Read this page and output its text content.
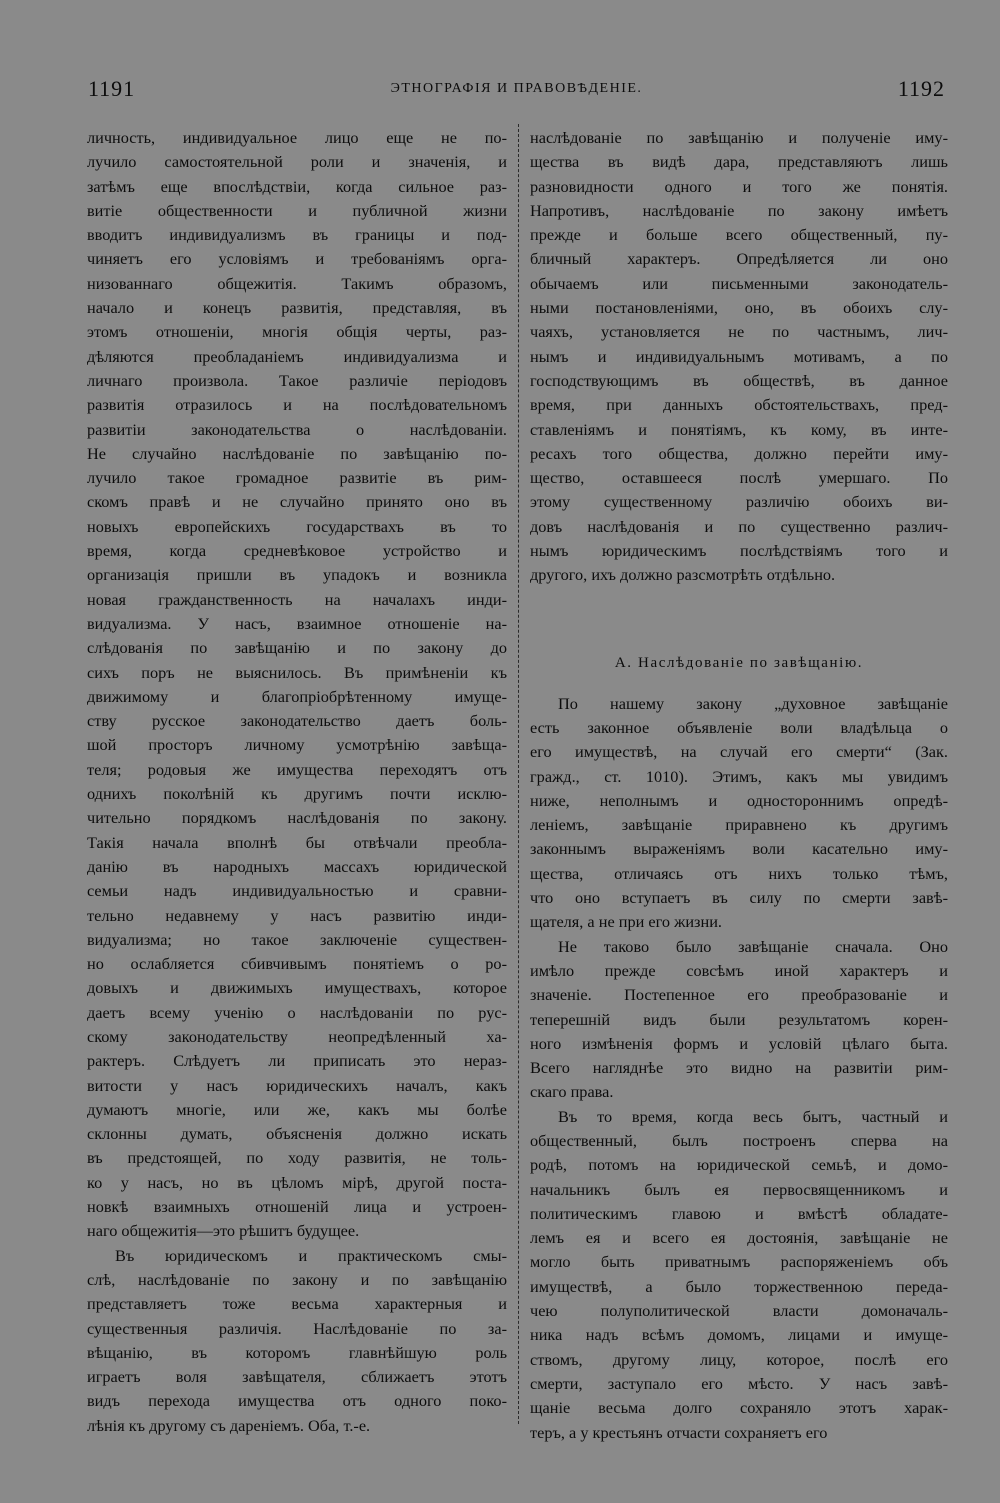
1191	ЭТНОГРАФІЯ И ПРАВОВѢДЕНІЕ.	1192
личность, индивидуальное лицо еще не по-
лучило самостоятельной роли и значенія, и
затѣмъ еще впослѣдствіи, когда сильное раз-
витіе общественности и публичной жизни
вводитъ индивидуализмъ въ границы и под-
чиняетъ его условіямъ и требованіямъ орга-
низованнаго общежитія. Такимъ образомъ,
начало и конецъ развитія, представляя, въ
этомъ отношеніи, многія общія черты, раз-
дѣляются преобладаніемъ индивидуализма и
личнаго произвола. Такое различіе періодовъ
развитія отразилось и на послѣдовательномъ
развитіи законодательства о наслѣдованіи.
Не случайно наслѣдованіе по завѣщанію по-
лучило такое громадное развитіе въ рим-
скомъ правѣ и не случайно принято оно въ
новыхъ европейскихъ государствахъ въ то
время, когда средневѣковое устройство и
организація пришли въ упадокъ и возникла
новая гражданственность на началахъ инди-
видуализма. У насъ, взаимное отношеніе на-
слѣдованія по завѣщанію и по закону до
сихъ поръ не выяснилось. Въ примѣненіи къ
движимому и благопріобрѣтенному имуще-
ству русское законодательство даетъ боль-
шой просторъ личному усмотрѣнію завѣща-
теля; родовыя же имущества переходятъ отъ
однихъ поколѣній къ другимъ почти исклю-
чительно порядкомъ наслѣдованія по закону.
Такія начала вполнѣ бы отвѣчали преобла-
данію въ народныхъ массахъ юридической
семьи надъ индивидуальностью и сравни-
тельно недавнему у насъ развитію инди-
видуализма; но такое заключеніе существен-
но ослабляется сбивчивымъ понятіемъ о ро-
довыхъ и движимыхъ имуществахъ, которое
даетъ всему ученію о наслѣдованіи по рус-
скому законодательству неопредѣленный ха-
рактеръ. Слѣдуетъ ли приписать это нераз-
витости у насъ юридическихъ началъ, какъ
думаютъ многіе, или же, какъ мы болѣе
склонны думать, объясненія должно искать
въ предстоящей, по ходу развитія, не толь-
ко у насъ, но въ цѣломъ мірѣ, другой поста-
новкѣ взаимныхъ отношеній лица и устроен-
наго общежитія—это рѣшитъ будущее.
Въ юридическомъ и практическомъ смы-
слѣ, наслѣдованіе по закону и по завѣщанію
представляетъ тоже весьма характерныя и
существенныя различія. Наслѣдованіе по за-
вѣщанію, въ которомъ главнѣйшую роль
играетъ воля завѣщателя, сближаетъ этотъ
видъ перехода имущества отъ одного поко-
лѣнія къ другому съ дареніемъ. Оба, т.-е.
наслѣдованіе по завѣщанію и полученіе иму-
щества въ видѣ дара, представляютъ лишь
разновидности одного и того же понятія.
Напротивъ, наслѣдованіе по закону имѣетъ
прежде и больше всего общественный, пу-
бличный характеръ. Опредѣляется ли оно
обычаемъ или письменными законодатель-
ными постановленіями, оно, въ обоихъ слу-
чаяхъ, установляется не по частнымъ, лич-
нымъ и индивидуальнымъ мотивамъ, а по
господствующимъ въ обществѣ, въ данное
время, при данныхъ обстоятельствахъ, пред-
ставленіямъ и понятіямъ, къ кому, въ инте-
ресахъ того общества, должно перейти иму-
щество, оставшееся послѣ умершаго. По
этому существенному различію обоихъ ви-
довъ наслѣдованія и по существенно различ-
нымъ юридическимъ послѣдствіямъ того и
другого, ихъ должно разсмотрѣть отдѣльно.
А. Наслѣдованіе по завѣщанію.
По нашему закону „духовное завѣщаніе
есть законное объявленіе воли владѣльца о
его имуществѣ, на случай его смерти“ (Зак.
гражд., ст. 1010). Этимъ, какъ мы увидимъ
ниже, неполнымъ и одностороннимъ опредѣ-
леніемъ, завѣщаніе приравнено къ другимъ
законнымъ выраженіямъ воли касательно иму-
щества, отличаясь отъ нихъ только тѣмъ,
что оно вступаетъ въ силу по смерти завѣ-
щателя, а не при его жизни.
Не таково было завѣщаніе сначала. Оно
имѣло прежде совсѣмъ иной характеръ и
значеніе. Постепенное его преобразованіе и
теперешній видъ были результатомъ корен-
ного измѣненія формъ и условій цѣлаго быта.
Всего нагляднѣе это видно на развитіи рим-
скаго права.
Въ то время, когда весь бытъ, частный и
общественный, былъ построенъ сперва на
родѣ, потомъ на юридической семьѣ, и домо-
начальникъ былъ ея первосвященникомъ и
политическимъ главою и вмѣстѣ обладате-
лемъ ея и всего ея достоянія, завѣщаніе не
могло быть приватнымъ распоряженіемъ объ
имуществѣ, а было торжественною переда-
чею полуполитической власти домоначаль-
ника надъ всѣмъ домомъ, лицами и имуще-
ствомъ, другому лицу, которое, послѣ его
смерти, заступало его мѣсто. У насъ завѣ-
щаніе весьма долго сохраняло этотъ харак-
теръ, а у крестьянъ отчасти сохраняетъ его
